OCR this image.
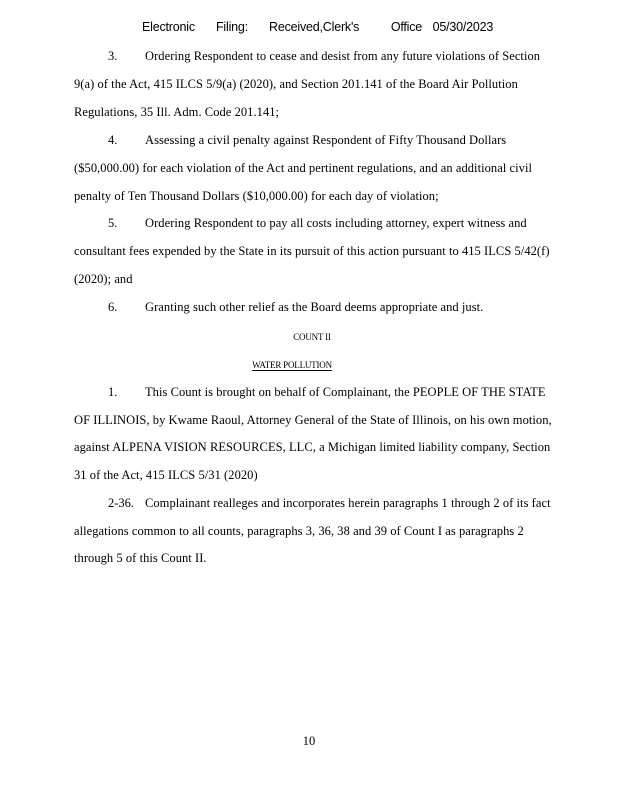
Electronic    Filing:    Received,Clerk's      Office  05/30/2023
3. Ordering Respondent to cease and desist from any future violations of Section
9(a) of the Act, 415 ILCS 5/9(a) (2020), and Section 201.141 of the Board Air Pollution
Regulations, 35 Ill. Adm. Code 201.141;
4. Assessing a civil penalty against Respondent of Fifty Thousand Dollars
($50,000.00) for each violation of the Act and pertinent regulations, and an additional civil
penalty of Ten Thousand Dollars ($10,000.00) for each day of violation;
5. Ordering Respondent to pay all costs including attorney, expert witness and
consultant fees expended by the State in its pursuit of this action pursuant to 415 ILCS 5/42(f)
(2020); and
6. Granting such other relief as the Board deems appropriate and just.
COUNT II
WATER POLLUTION
1. This Count is brought on behalf of Complainant, the PEOPLE OF THE STATE
OF ILLINOIS, by Kwame Raoul, Attorney General of the State of Illinois, on his own motion,
against ALPENA VISION RESOURCES, LLC, a Michigan limited liability company, Section
31 of the Act, 415 ILCS 5/31 (2020)
2-36. Complainant realleges and incorporates herein paragraphs 1 through 2 of its fact
allegations common to all counts, paragraphs 3, 36, 38 and 39 of Count I as paragraphs 2
through 5 of this Count II.
10
